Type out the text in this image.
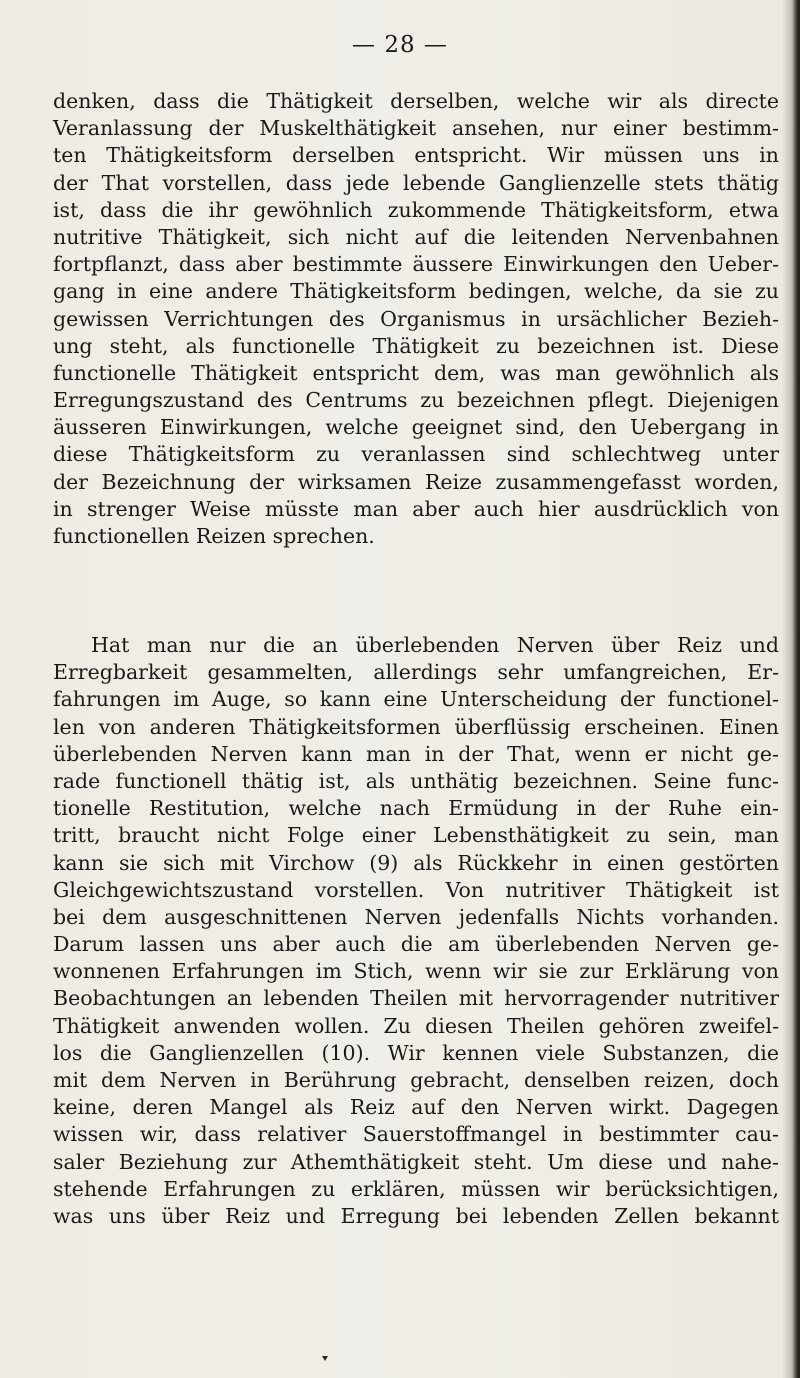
— 28 —
denken, dass die Thätigkeit derselben, welche wir als directe
Veranlassung der Muskelthätigkeit ansehen, nur einer bestimm-
ten Thätigkeitsform derselben entspricht. Wir müssen uns in
der That vorstellen, dass jede lebende Ganglienzelle stets thätig
ist, dass die ihr gewöhnlich zukommende Thätigkeitsform, etwa
nutritive Thätigkeit, sich nicht auf die leitenden Nervenbahnen
fortpflanzt, dass aber bestimmte äussere Einwirkungen den Ueber-
gang in eine andere Thätigkeitsform bedingen, welche, da sie zu
gewissen Verrichtungen des Organismus in ursächlicher Bezieh-
ung steht, als functionelle Thätigkeit zu bezeichnen ist. Diese
functionelle Thätigkeit entspricht dem, was man gewöhnlich als
Erregungszustand des Centrums zu bezeichnen pflegt. Diejenigen
äusseren Einwirkungen, welche geeignet sind, den Uebergang in
diese Thätigkeitsform zu veranlassen sind schlechtweg unter
der Bezeichnung der wirksamen Reize zusammengefasst worden,
in strenger Weise müsste man aber auch hier ausdrücklich von
functionellen Reizen sprechen.
Hat man nur die an überlebenden Nerven über Reiz und
Erregbarkeit gesammelten, allerdings sehr umfangreichen, Er-
fahrungen im Auge, so kann eine Unterscheidung der functionel-
len von anderen Thätigkeitsformen überflüssig erscheinen. Einen
überlebenden Nerven kann man in der That, wenn er nicht ge-
rade functionell thätig ist, als unthätig bezeichnen. Seine func-
tionelle Restitution, welche nach Ermüdung in der Ruhe ein-
tritt, braucht nicht Folge einer Lebensthätigkeit zu sein, man
kann sie sich mit Virchow (9) als Rückkehr in einen gestörten
Gleichgewichtszustand vorstellen. Von nutritiver Thätigkeit ist
bei dem ausgeschnittenen Nerven jedenfalls Nichts vorhanden.
Darum lassen uns aber auch die am überlebenden Nerven ge-
wonnenen Erfahrungen im Stich, wenn wir sie zur Erklärung von
Beobachtungen an lebenden Theilen mit hervorragender nutritiver
Thätigkeit anwenden wollen. Zu diesen Theilen gehören zweifel-
los die Ganglienzellen (10). Wir kennen viele Substanzen, die
mit dem Nerven in Berührung gebracht, denselben reizen, doch
keine, deren Mangel als Reiz auf den Nerven wirkt. Dagegen
wissen wir, dass relativer Sauerstoffmangel in bestimmter cau-
saler Beziehung zur Athemthätigkeit steht. Um diese und nahe-
stehende Erfahrungen zu erklären, müssen wir berücksichtigen,
was uns über Reiz und Erregung bei lebenden Zellen bekannt
